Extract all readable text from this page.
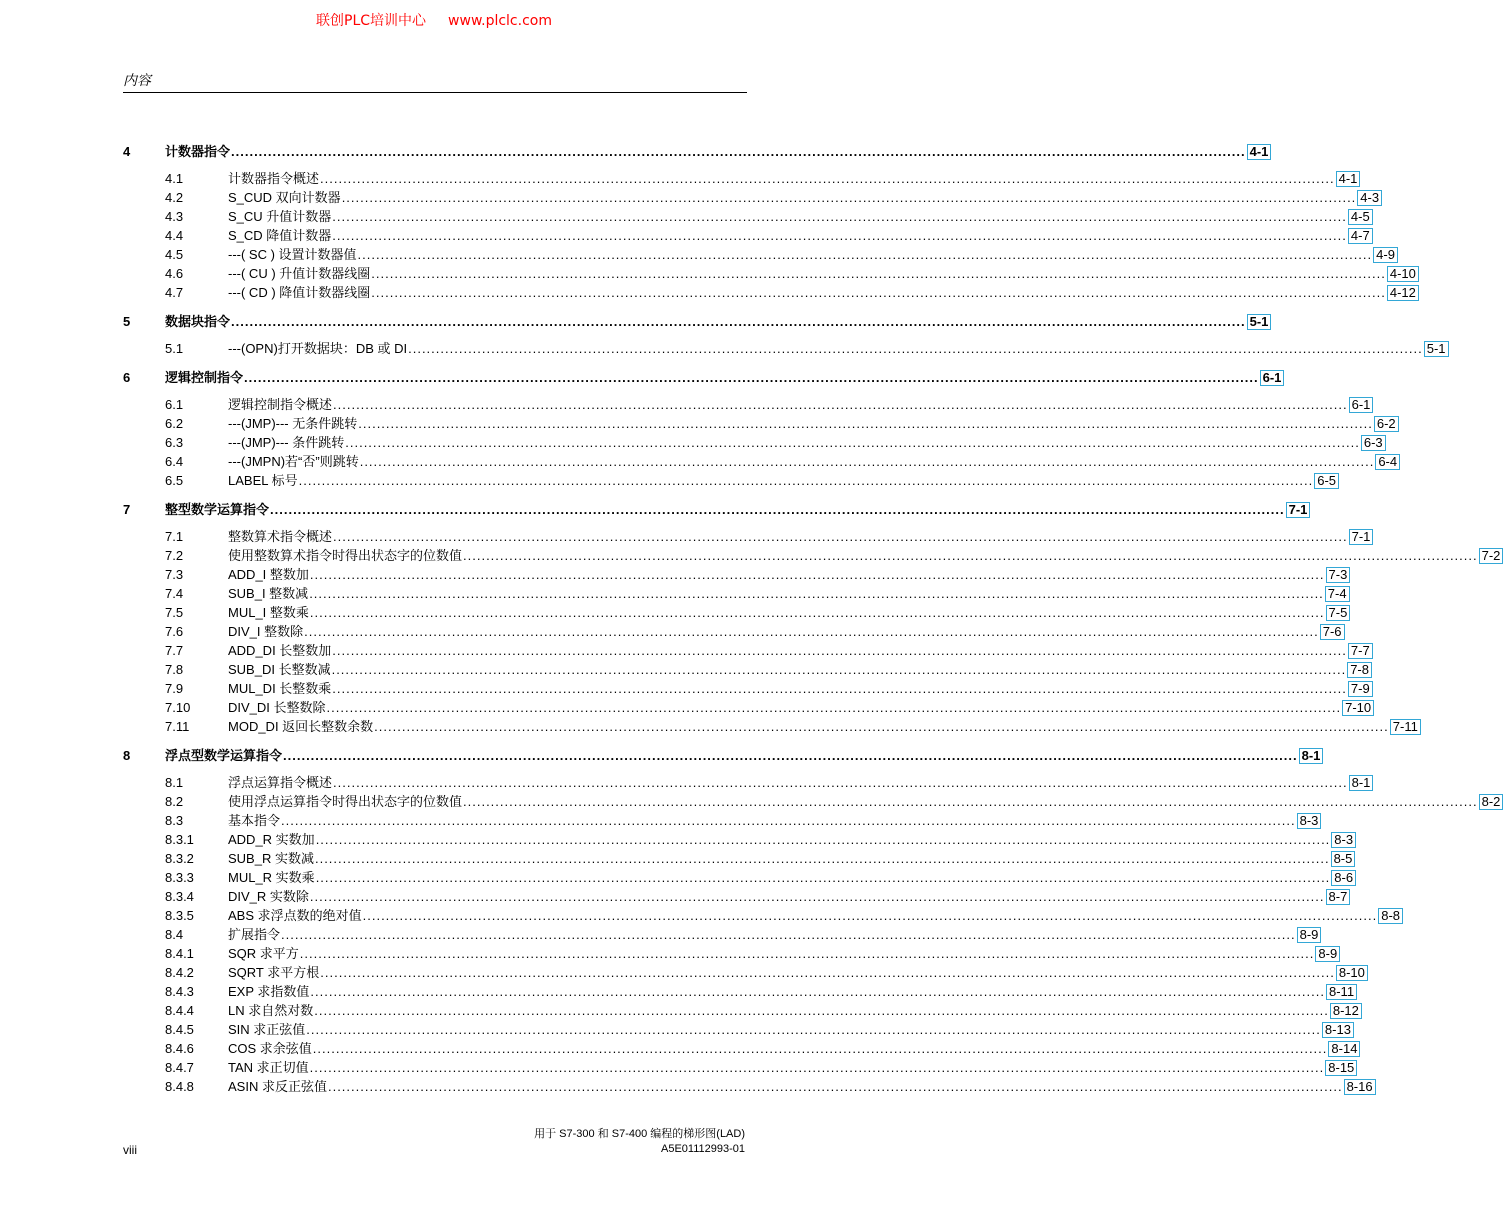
联创PLC培训中心 www.plclc.com
内容
4	计数器指令 ............................................................................................................................................................................................................................ 4-1
4.1	计数器指令概述 ............................................................................................................................................................................................................................ 4-1
4.2	S_CUD 双向计数器 ............................................................................................................................................................................................................................ 4-3
4.3	S_CU 升值计数器 ............................................................................................................................................................................................................................ 4-5
4.4	S_CD 降值计数器 ............................................................................................................................................................................................................................ 4-7
4.5	---( SC ) 设置计数器值 ............................................................................................................................................................................................................................ 4-9
4.6	---( CU ) 升值计数器线圈 ............................................................................................................................................................................................................................ 4-10
4.7	---( CD ) 降值计数器线圈 ............................................................................................................................................................................................................................ 4-12
5	数据块指令 ............................................................................................................................................................................................................................ 5-1
5.1	---(OPN)打开数据块：DB 或 DI ............................................................................................................................................................................................................................ 5-1
6	逻辑控制指令 ............................................................................................................................................................................................................................ 6-1
6.1	逻辑控制指令概述 ............................................................................................................................................................................................................................ 6-1
6.2	---(JMP)--- 无条件跳转 ............................................................................................................................................................................................................................ 6-2
6.3	---(JMP)--- 条件跳转 ............................................................................................................................................................................................................................ 6-3
6.4	---(JMPN)若“否”则跳转 ............................................................................................................................................................................................................................ 6-4
6.5	LABEL 标号 ............................................................................................................................................................................................................................ 6-5
7	整型数学运算指令 ............................................................................................................................................................................................................................ 7-1
7.1	整数算术指令概述 ............................................................................................................................................................................................................................ 7-1
7.2	使用整数算术指令时得出状态字的位数值 ............................................................................................................................................................................................................................ 7-2
7.3	ADD_I 整数加 ............................................................................................................................................................................................................................ 7-3
7.4	SUB_I 整数减 ............................................................................................................................................................................................................................ 7-4
7.5	MUL_I 整数乘 ............................................................................................................................................................................................................................ 7-5
7.6	DIV_I 整数除 ............................................................................................................................................................................................................................ 7-6
7.7	ADD_DI 长整数加 ............................................................................................................................................................................................................................ 7-7
7.8	SUB_DI 长整数减 ............................................................................................................................................................................................................................ 7-8
7.9	MUL_DI 长整数乘 ............................................................................................................................................................................................................................ 7-9
7.10	DIV_DI 长整数除 ............................................................................................................................................................................................................................ 7-10
7.11	MOD_DI 返回长整数余数 ............................................................................................................................................................................................................................ 7-11
8	浮点型数学运算指令 ............................................................................................................................................................................................................................ 8-1
8.1	浮点运算指令概述 ............................................................................................................................................................................................................................ 8-1
8.2	使用浮点运算指令时得出状态字的位数值 ............................................................................................................................................................................................................................ 8-2
8.3	基本指令 ............................................................................................................................................................................................................................ 8-3
8.3.1	ADD_R 实数加 ............................................................................................................................................................................................................................ 8-3
8.3.2	SUB_R 实数减 ............................................................................................................................................................................................................................ 8-5
8.3.3	MUL_R 实数乘 ............................................................................................................................................................................................................................ 8-6
8.3.4	DIV_R 实数除 ............................................................................................................................................................................................................................ 8-7
8.3.5	ABS 求浮点数的绝对值 ............................................................................................................................................................................................................................ 8-8
8.4	扩展指令 ............................................................................................................................................................................................................................ 8-9
8.4.1	SQR 求平方 ............................................................................................................................................................................................................................ 8-9
8.4.2	SQRT 求平方根 ............................................................................................................................................................................................................................ 8-10
8.4.3	EXP 求指数值 ............................................................................................................................................................................................................................ 8-11
8.4.4	LN 求自然对数 ............................................................................................................................................................................................................................ 8-12
8.4.5	SIN 求正弦值 ............................................................................................................................................................................................................................ 8-13
8.4.6	COS 求余弦值 ............................................................................................................................................................................................................................ 8-14
8.4.7	TAN 求正切值 ............................................................................................................................................................................................................................ 8-15
8.4.8	ASIN 求反正弦值 ............................................................................................................................................................................................................................ 8-16
viii
用于 S7-300 和 S7-400 编程的梯形图(LAD)
A5E01112993-01
